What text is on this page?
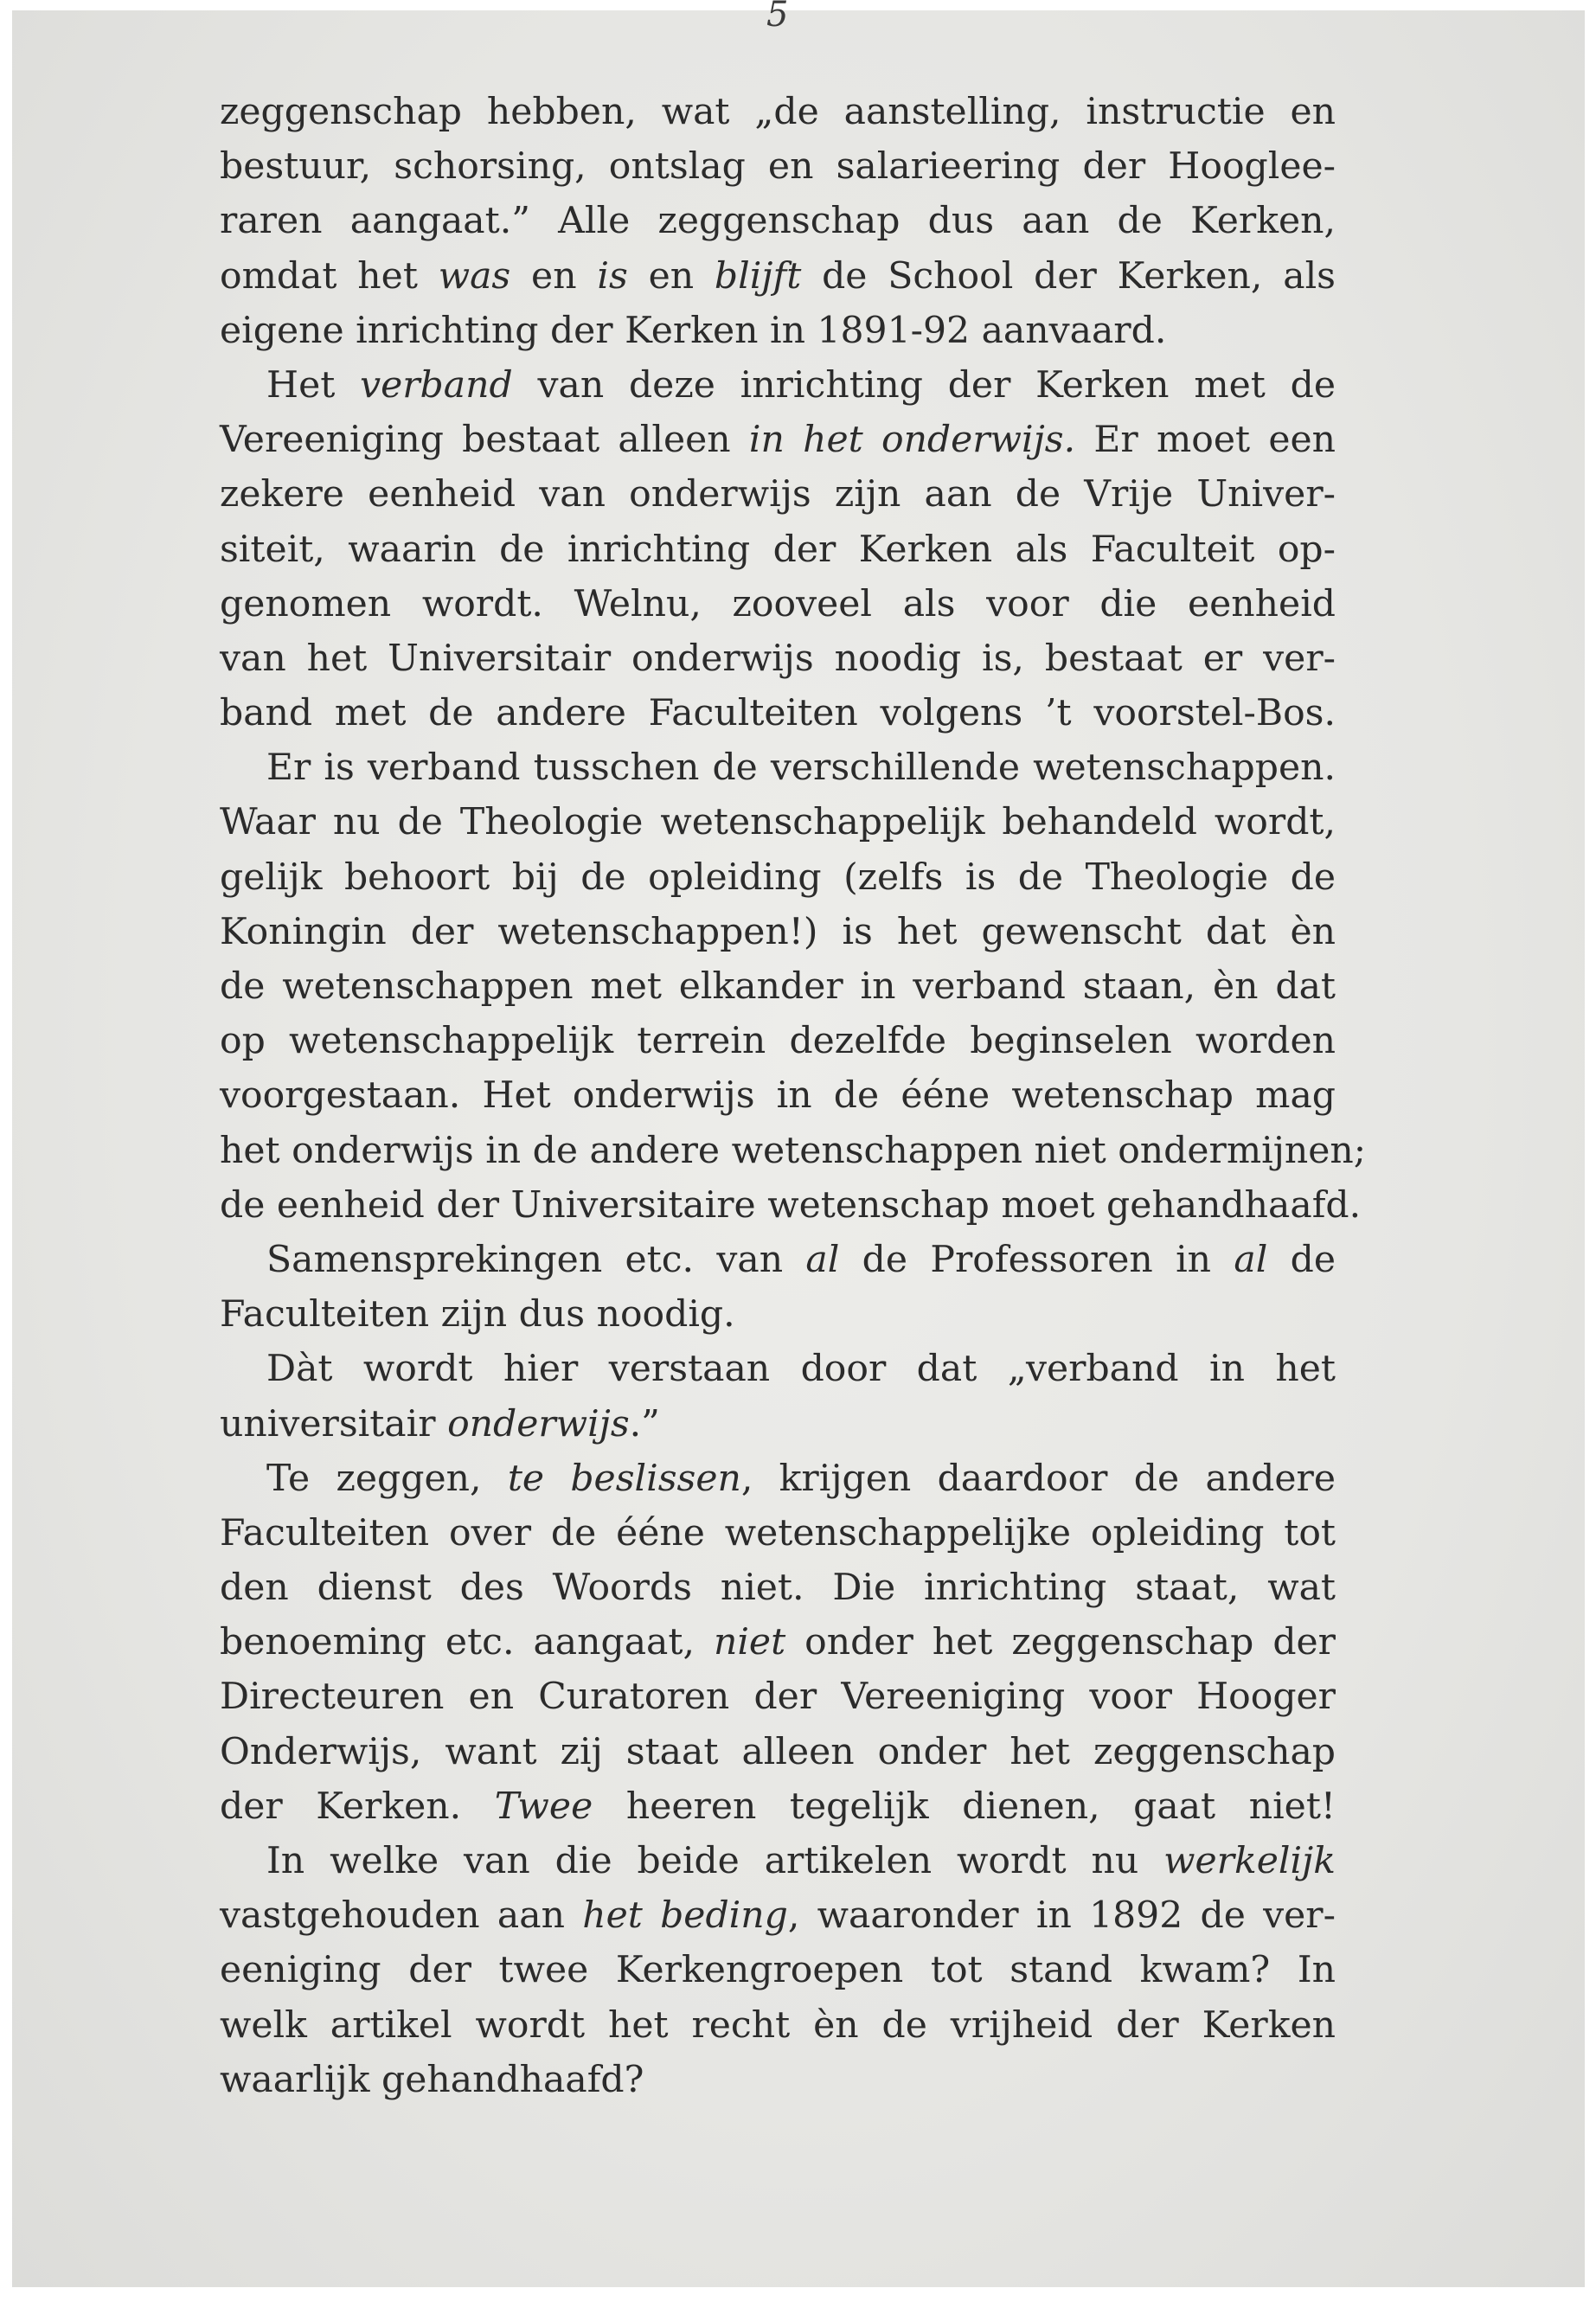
5
zeggenschap hebben, wat „de aanstelling, instructie en
bestuur, schorsing, ontslag en salarieering der Hooglee-
raren aangaat.” Alle zeggenschap dus aan de Kerken,
omdat het was en is en blijft de School der Kerken, als
eigene inrichting der Kerken in 1891-92 aanvaard.
Het verband van deze inrichting der Kerken met de
Vereeniging bestaat alleen in het onderwijs. Er moet een
zekere eenheid van onderwijs zijn aan de Vrije Univer-
siteit, waarin de inrichting der Kerken als Faculteit op-
genomen wordt. Welnu, zooveel als voor die eenheid
van het Universitair onderwijs noodig is, bestaat er ver-
band met de andere Faculteiten volgens ’t voorstel-Bos.
Er is verband tusschen de verschillende wetenschappen.
Waar nu de Theologie wetenschappelijk behandeld wordt,
gelijk behoort bij de opleiding (zelfs is de Theologie de
Koningin der wetenschappen!) is het gewenscht dat èn
de wetenschappen met elkander in verband staan, èn dat
op wetenschappelijk terrein dezelfde beginselen worden
voorgestaan. Het onderwijs in de éénе wetenschap mag
het onderwijs in de andere wetenschappen niet ondermijnen;
de eenheid der Universitaire wetenschap moet gehandhaafd.
Samensprekingen etc. van al de Professoren in al de
Faculteiten zijn dus noodig.
Dàt wordt hier verstaan door dat „verband in het
universitair onderwijs.”
Te zeggen, te beslissen, krijgen daardoor de andere
Faculteiten over de éénе wetenschappelijke opleiding tot
den dienst des Woords niet. Die inrichting staat, wat
benoeming etc. aangaat, niet onder het zeggenschap der
Directeuren en Curatoren der Vereeniging voor Hooger
Onderwijs, want zij staat alleen onder het zeggenschap
der Kerken. Twee heeren tegelijk dienen, gaat niet!
In welke van die beide artikelen wordt nu werkelijk
vastgehouden aan het beding, waaronder in 1892 de ver-
eeniging der twee Kerkengroepen tot stand kwam? In
welk artikel wordt het recht èn de vrijheid der Kerken
waarlijk gehandhaafd?
